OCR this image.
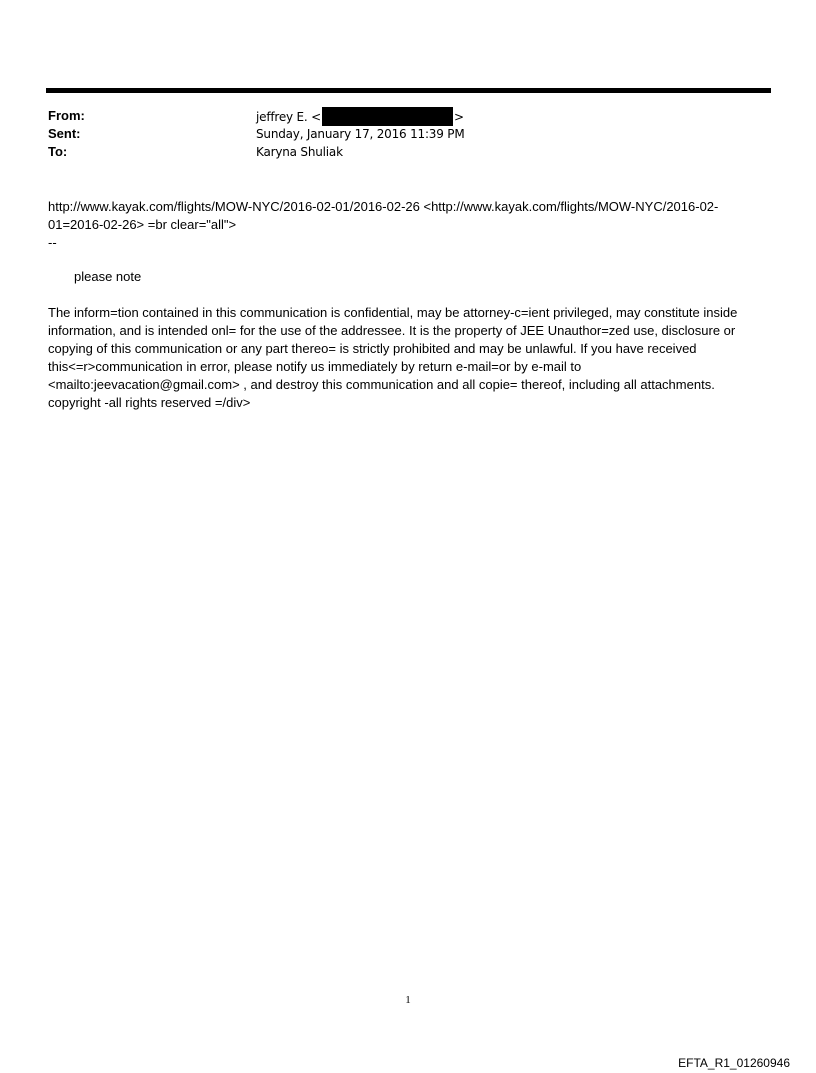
From:	jeffrey E. <	>
Sent:	Sunday, January 17, 2016 11:39 PM
To:	Karyna Shuliak
http://www.kayak.com/flights/MOW-NYC/2016-02-01/2016-02-26 <http://www.kayak.com/flights/MOW-NYC/2016-02-01=2016-02-26> =br clear="all">
--
please note
The inform=tion contained in this communication is confidential, may be attorney-c=ient privileged, may constitute inside information, and is intended onl= for the use of the addressee. It is the property of JEE Unauthor=zed use, disclosure or copying of this communication or any part thereo= is strictly prohibited and may be unlawful. If you have received this<=r>communication in error, please notify us immediately by return e-mail=or by e-mail to <mailto:jeevacation@gmail.com> , and destroy this communication and all copie= thereof, including all attachments. copyright -all rights reserved =/div>
1
EFTA_R1_01260946
